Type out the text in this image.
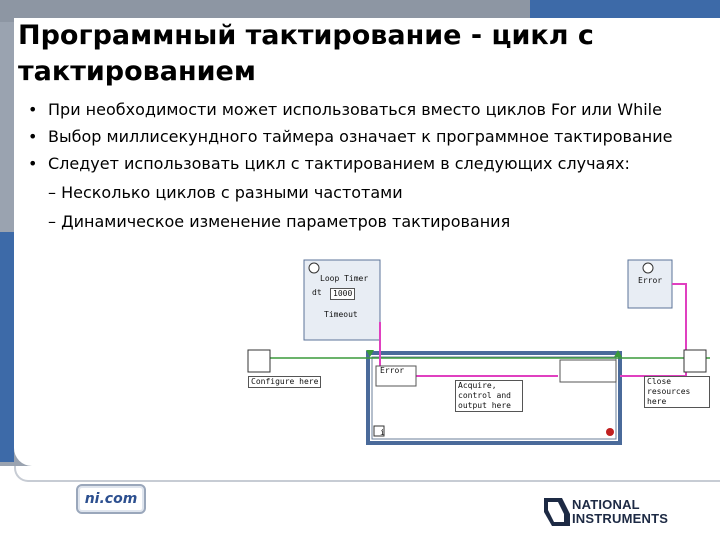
Программный тактирование - цикл с тактированием
• При необходимости может использоваться вместо циклов For или While
• Выбор миллисекундного таймера означает к программное тактирование
• Следует использовать цикл с тактированием в следующих случаях:
– Несколько циклов с разными частотами
– Динамическое изменение параметров тактирования
Configure here	Acquire, control and output here
Close resources here
Error
Error
i
Loop Timer
dt	1000
Timeout
ni.com	NATIONAL
INSTRUMENTS
